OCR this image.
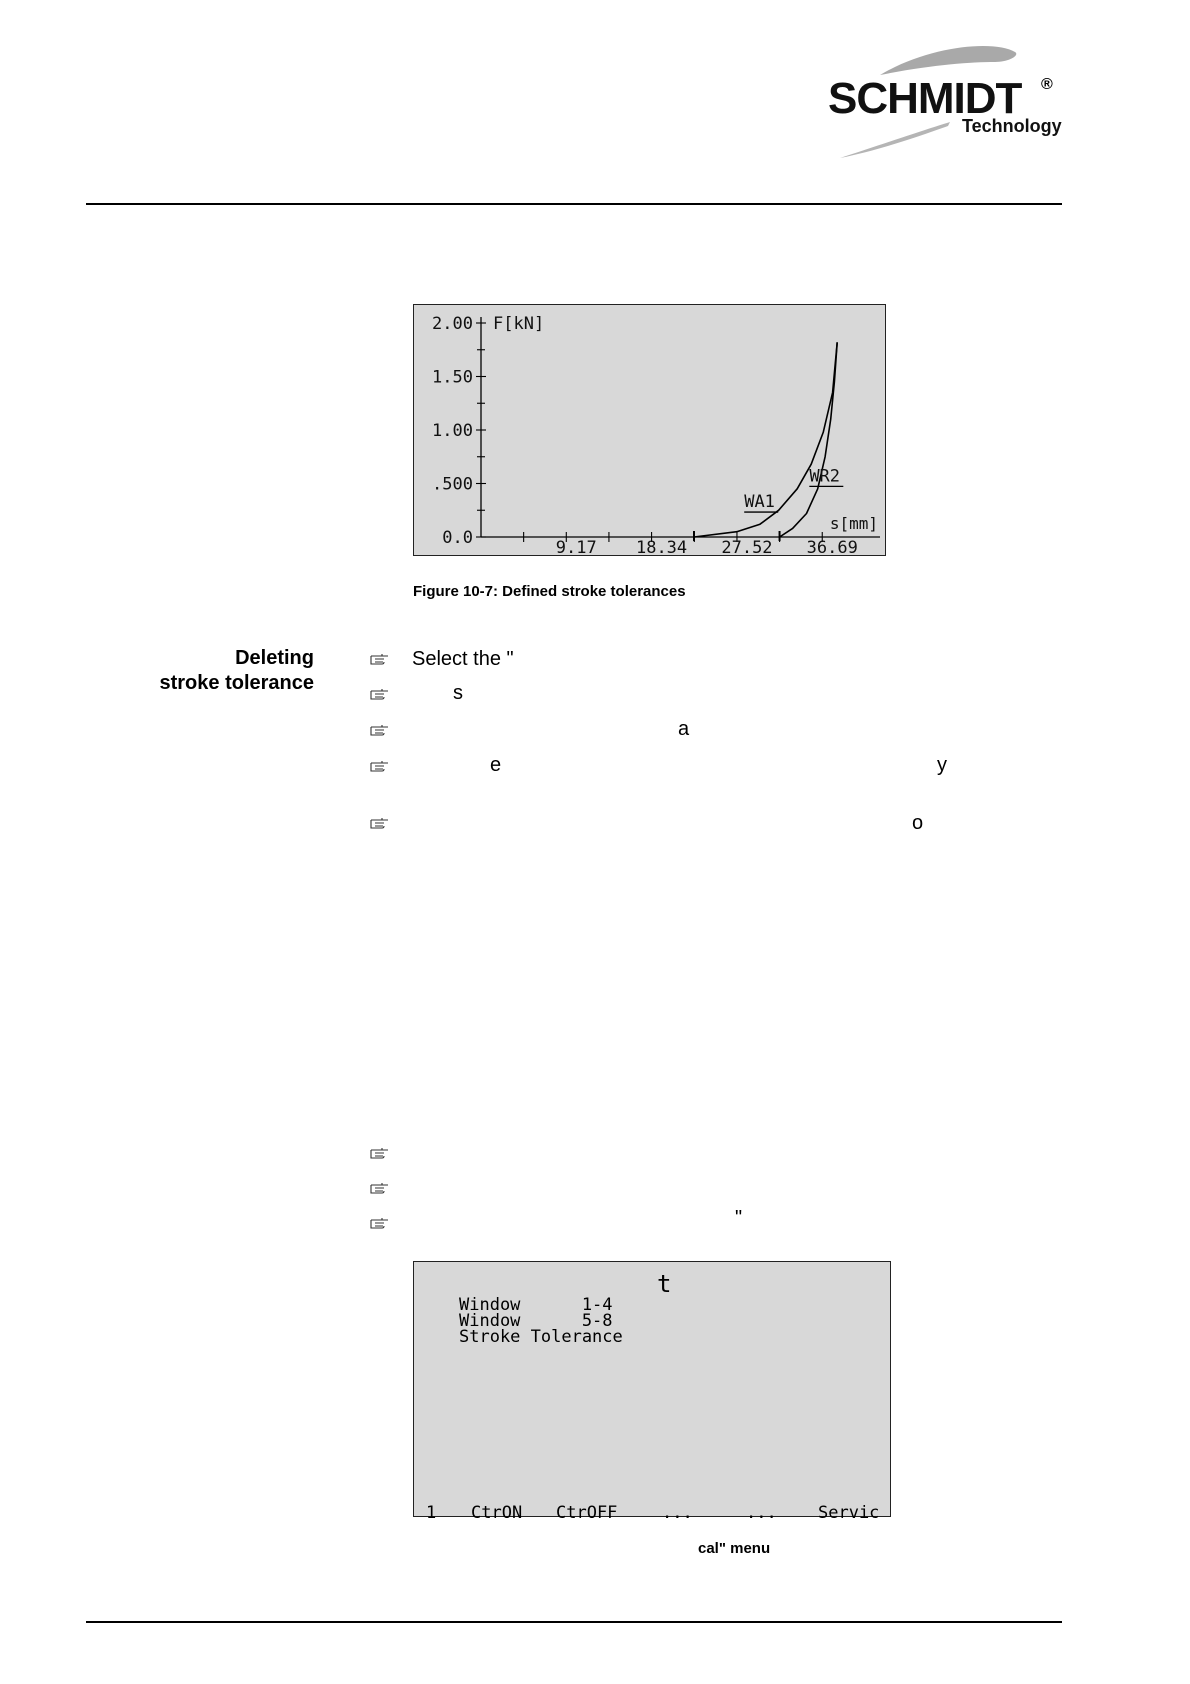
SCHMIDT ®
Technology
2.00
1.50
1.00
.500
0.0	9.17 18.34 27.52 36.69
F[kN]
s[mm]
WA1
WR2
Figure 10-7: Defined stroke tolerances
Deleting
stroke tolerance
Select the "
s
a
e	y
o
"
t
Window      1-4
Window      5-8
Stroke Tolerance
1 CtrON CtrOFF	...	... Servic
cal" menu
